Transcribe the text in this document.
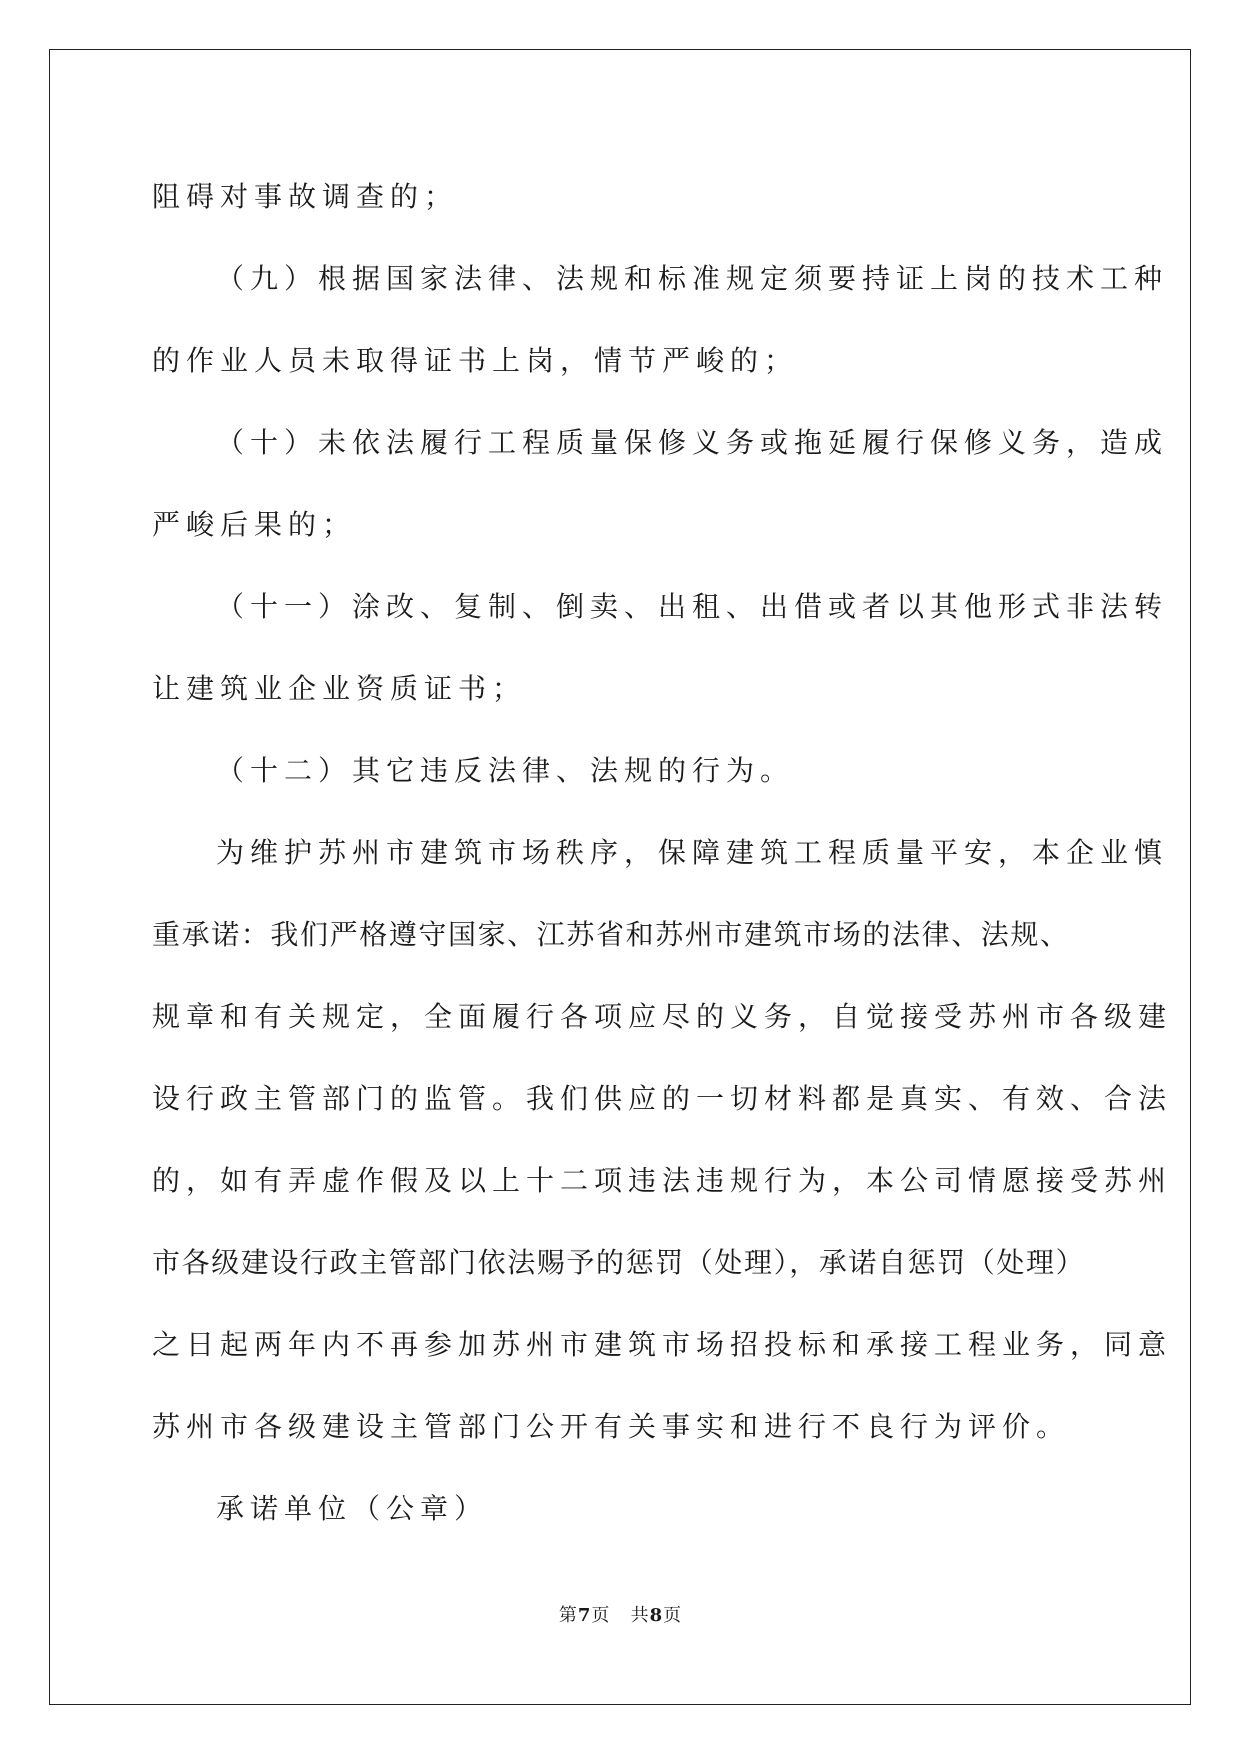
阻碍对事故调查的；
（九）根据国家法律、法规和标准规定须要持证上岗的技术工种
的作业人员未取得证书上岗，情节严峻的；
（十）未依法履行工程质量保修义务或拖延履行保修义务，造成
严峻后果的；
（十一）涂改、复制、倒卖、出租、出借或者以其他形式非法转
让建筑业企业资质证书；
（十二）其它违反法律、法规的行为。
为维护苏州市建筑市场秩序，保障建筑工程质量平安，本企业慎
重承诺：我们严格遵守国家、江苏省和苏州市建筑市场的法律、法规、
规章和有关规定，全面履行各项应尽的义务，自觉接受苏州市各级建
设行政主管部门的监管。我们供应的一切材料都是真实、有效、合法
的，如有弄虚作假及以上十二项违法违规行为，本公司情愿接受苏州
市各级建设行政主管部门依法赐予的惩罚（处理），承诺自惩罚（处理）
之日起两年内不再参加苏州市建筑市场招投标和承接工程业务，同意
苏州市各级建设主管部门公开有关事实和进行不良行为评价。
承诺单位（公章）
第7页 共8页
